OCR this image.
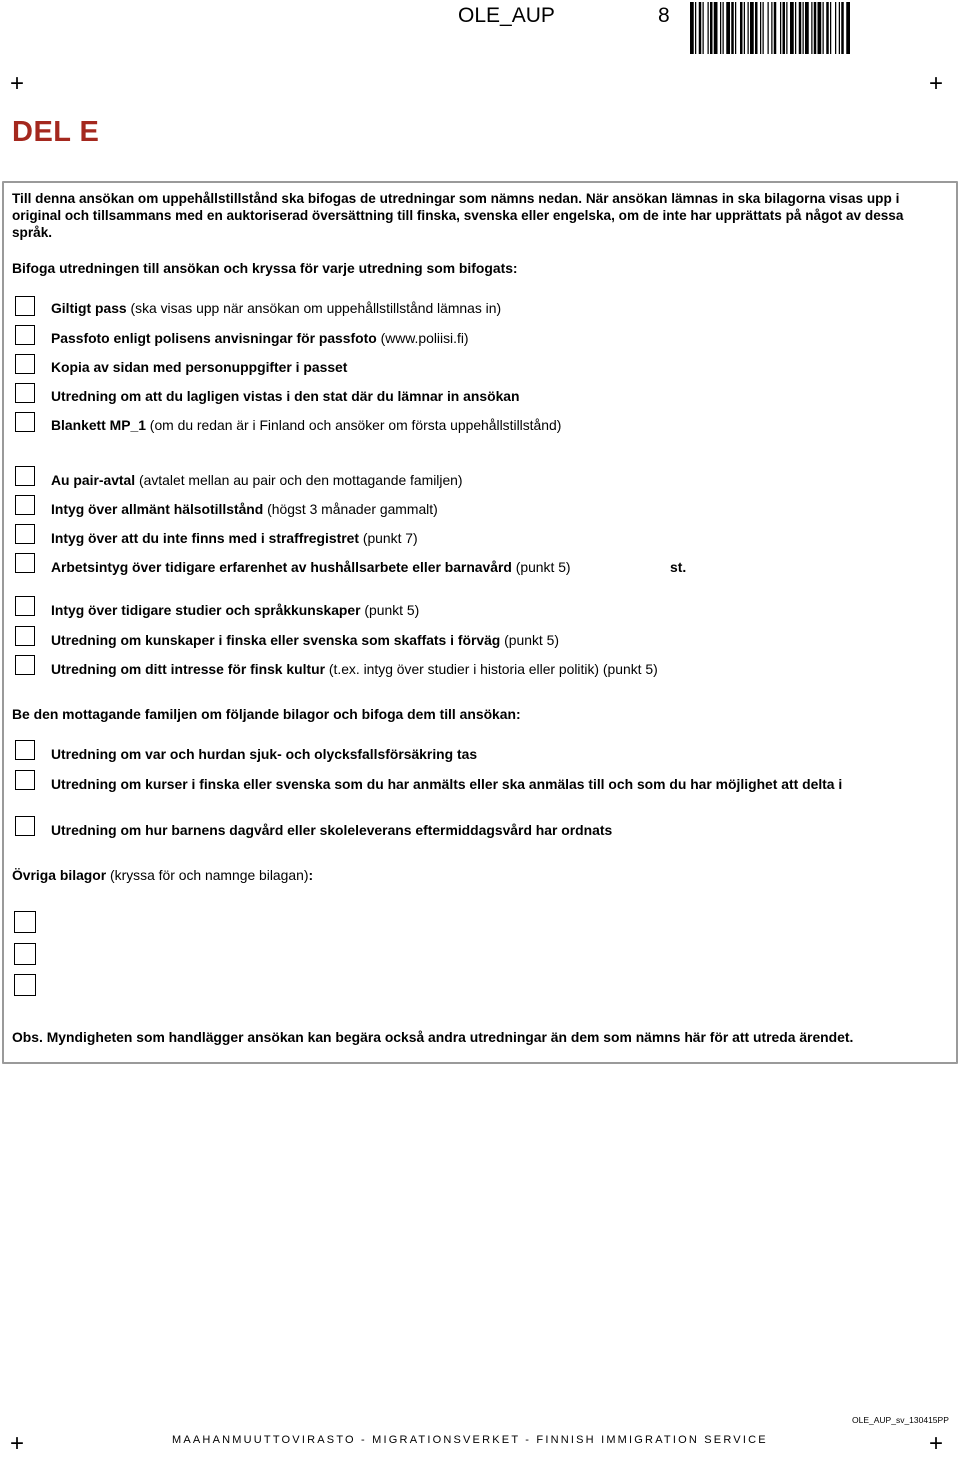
OLE_AUP	8
+	+
+	+
DEL E
Till denna ansökan om uppehållstillstånd ska bifogas de utredningar som nämns nedan. När ansökan lämnas in ska bilagorna visas upp i original och tillsammans med en auktoriserad översättning till finska, svenska eller engelska, om de inte har upprättats på något av dessa språk.
Bifoga utredningen till ansökan och kryssa för varje utredning som bifogats:
Giltigt pass (ska visas upp när ansökan om uppehållstillstånd lämnas in)
Passfoto enligt polisens anvisningar för passfoto (www.poliisi.fi)
Kopia av sidan med personuppgifter i passet
Utredning om att du lagligen vistas i den stat där du lämnar in ansökan
Blankett MP_1 (om du redan är i Finland och ansöker om första uppehållstillstånd)
Au pair-avtal (avtalet mellan au pair och den mottagande familjen)
Intyg över allmänt hälsotillstånd (högst 3 månader gammalt)
Intyg över att du inte finns med i straffregistret (punkt 7)
Arbetsintyg över tidigare erfarenhet av hushållsarbete eller barnavård (punkt 5)	st.
Intyg över tidigare studier och språkkunskaper (punkt 5)
Utredning om kunskaper i finska eller svenska som skaffats i förväg (punkt 5)
Utredning om ditt intresse för finsk kultur (t.ex. intyg över studier i historia eller politik) (punkt 5)
Be den mottagande familjen om följande bilagor och bifoga dem till ansökan:
Utredning om var och hurdan sjuk- och olycksfallsförsäkring tas
Utredning om kurser i finska eller svenska som du har anmälts eller ska anmälas till och som du har möjlighet att delta i
Utredning om hur barnens dagvård eller skoleleverans eftermiddagsvård har ordnats
Övriga bilagor (kryssa för och namnge bilagan):
Obs. Myndigheten som handlägger ansökan kan begära också andra utredningar än dem som nämns här för att utreda ärendet.
OLE_AUP_sv_130415PP
MAAHANMUUTTOVIRASTO - MIGRATIONSVERKET - FINNISH IMMIGRATION SERVICE
